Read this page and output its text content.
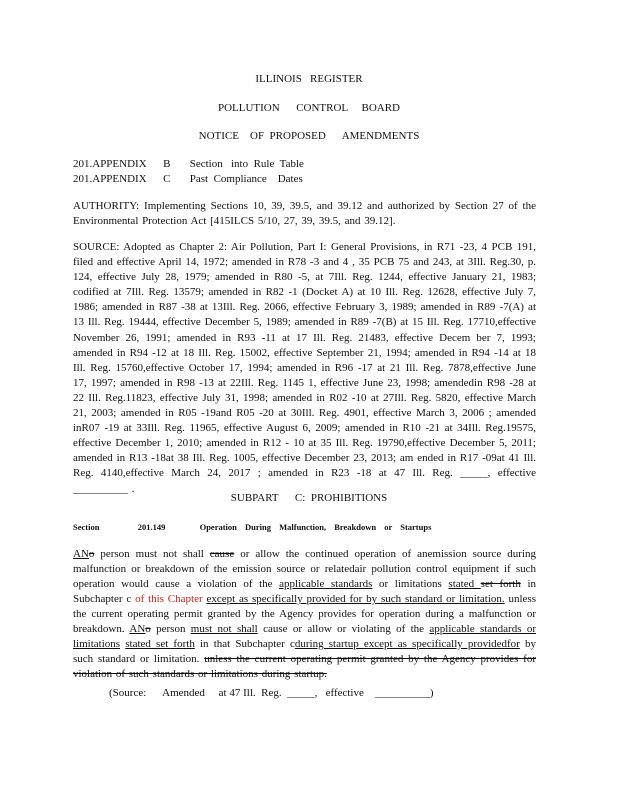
ILLINOIS   REGISTER
POLLUTION      CONTROL     BOARD
NOTICE    OF  PROPOSED      AMENDMENTS
201.APPENDIX      B       Section   into  Rule  Table
201.APPENDIX      C       Past  Compliance    Dates
AUTHORITY: Implementing Sections 10, 39, 39.5, and 39.12 and authorized by Section 27 of the Environmental Protection Act [415ILCS 5/10, 27, 39, 39.5, and 39.12].
SOURCE: Adopted as Chapter 2: Air Pollution, Part I: General Provisions, in R71 -23, 4 PCB 191, filed and effective April 14, 1972; amended in R78 -3 and 4 , 35 PCB 75 and 243, at 3Ill. Reg.30, p. 124, effective July 28, 1979; amended in R80 -5, at 7Ill. Reg. 1244, effective January 21, 1983; codified at 7Ill. Reg. 13579; amended in R82 -1 (Docket A) at 10 Ill. Reg. 12628, effective July 7, 1986; amended in R87 -38 at 13Ill. Reg. 2066, effective February 3, 1989; amended in R89 -7(A) at 13 Ill. Reg. 19444, effective December 5, 1989; amended in R89 -7(B) at 15 Ill. Reg. 17710,effective November 26, 1991; amended in R93 -11 at 17 Ill. Reg. 21483, effective Decem ber 7, 1993; amended in R94 -12 at 18 Ill. Reg. 15002, effective September 21, 1994; amended in R94 -14 at 18 Ill. Reg. 15760,effective October 17, 1994; amended in R96 -17 at 21 Ill. Reg. 7878,effective June 17, 1997; amended in R98 -13 at 22Ill. Reg. 1145 1, effective June 23, 1998; amendedin R98 -28 at 22 Ill. Reg.11823, effective July 31, 1998; amended in R02 -10 at 27Ill. Reg. 5820, effective March 21, 2003; amended in R05 -19and R05 -20 at 30Ill. Reg. 4901, effective March 3, 2006 ; amended inR07 -19 at 33Ill. Reg. 11965, effective August 6, 2009; amended in R10 -21 at 34Ill. Reg.19575, effective December 1, 2010; amended in R12 - 10 at 35 Ill. Reg. 19790,effective December 5, 2011; amended in R13 -18at 38 Ill. Reg. 1005, effective December 23, 2013; am ended in R17 -09at 41 Ill. Reg. 4140,effective March 24, 2017 ; amended in R23 -18 at 47 Ill. Reg. _____, effective __________ .
SUBPART      C:  PROHIBITIONS
Section	201.149	Operation During Malfunction, Breakdown or Startups
ANo person must not shall cause or allow the continued operation of anemission source during malfunction or breakdown of the emission source or relatedair pollution control equipment if such operation would cause a violation of the applicable standards or limitations stated set forth in Subchapter c of this Chapter except as specifically provided for by such standard or limitation. unless the current operating permit granted by the Agency provides for operation during a malfunction or breakdown. ANo person must not shall cause or allow or violating of the applicable standards or limitations stated set forth in that Subchapter cduring startup except as specifically providedfor by such standard or limitation. unless the current operating permit granted by the Agency provides for violation of such standards or limitations during startup.
(Source:      Amended     at 47 Ill.  Reg.  _____,   effective    __________)
